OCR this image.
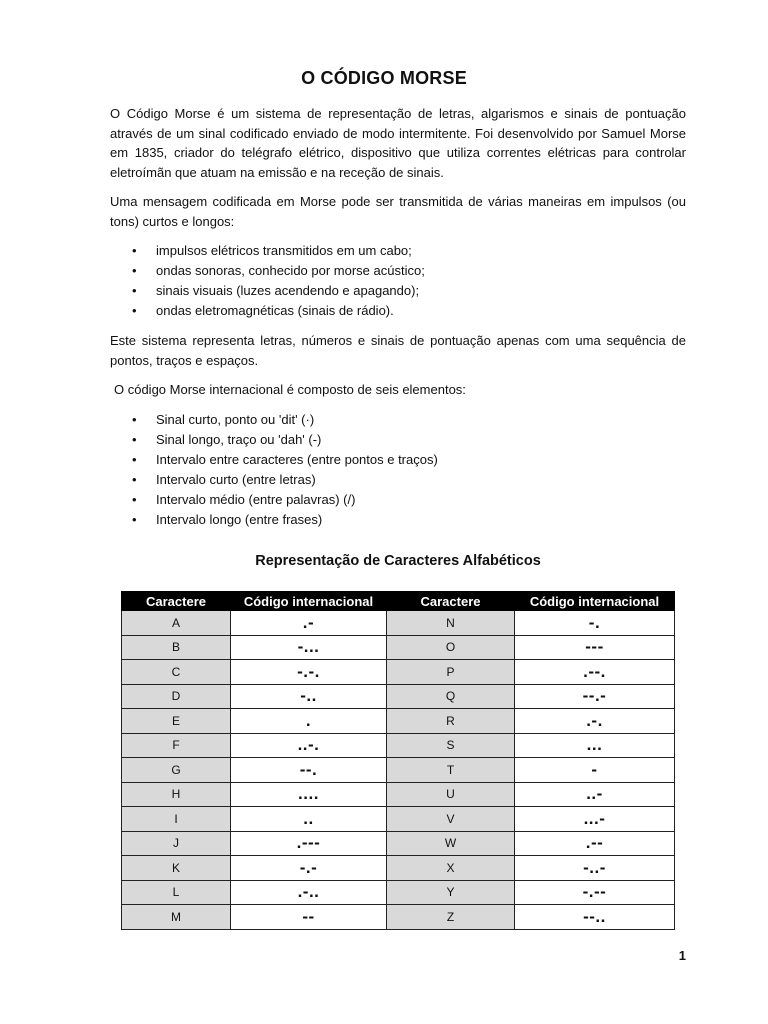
O CÓDIGO MORSE

O Código Morse é um sistema de representação de letras, algarismos e sinais de pontuação através de um sinal codificado enviado de modo intermitente. Foi desenvolvido por Samuel Morse em 1835, criador do telégrafo elétrico, dispositivo que utiliza correntes elétricas para controlar eletroímãn que atuam na emissão e na receção de sinais.

Uma mensagem codificada em Morse pode ser transmitida de várias maneiras em impulsos (ou tons) curtos e longos:

• impulsos elétricos transmitidos em um cabo;
• ondas sonoras, conhecido por morse acústico;
• sinais visuais (luzes acendendo e apagando);
• ondas eletromagnéticas (sinais de rádio).

Este sistema representa letras, números e sinais de pontuação apenas com uma sequência de pontos, traços e espaços.

O código Morse internacional é composto de seis elementos:

• Sinal curto, ponto ou 'dit' (·)
• Sinal longo, traço ou 'dah' (-)
• Intervalo entre caracteres (entre pontos e traços)
• Intervalo curto (entre letras)
• Intervalo médio (entre palavras) (/)
• Intervalo longo (entre frases)
Representação de Caracteres Alfabéticos
Caractere	Código internacional	Caractere	Código internacional
A	.-	N	-.
B	-...	O	---
C	-.-.	P	.--.
D	-..	Q	--.-
E	.	R	.-.
F	..-.	S	...
G	--.	T	-
H	....	U	..-
I	..	V	...-
J	.---	W	.--
K	-.-	X	-..-
L	.-..	Y	-.--
M	--	Z	--..
1
